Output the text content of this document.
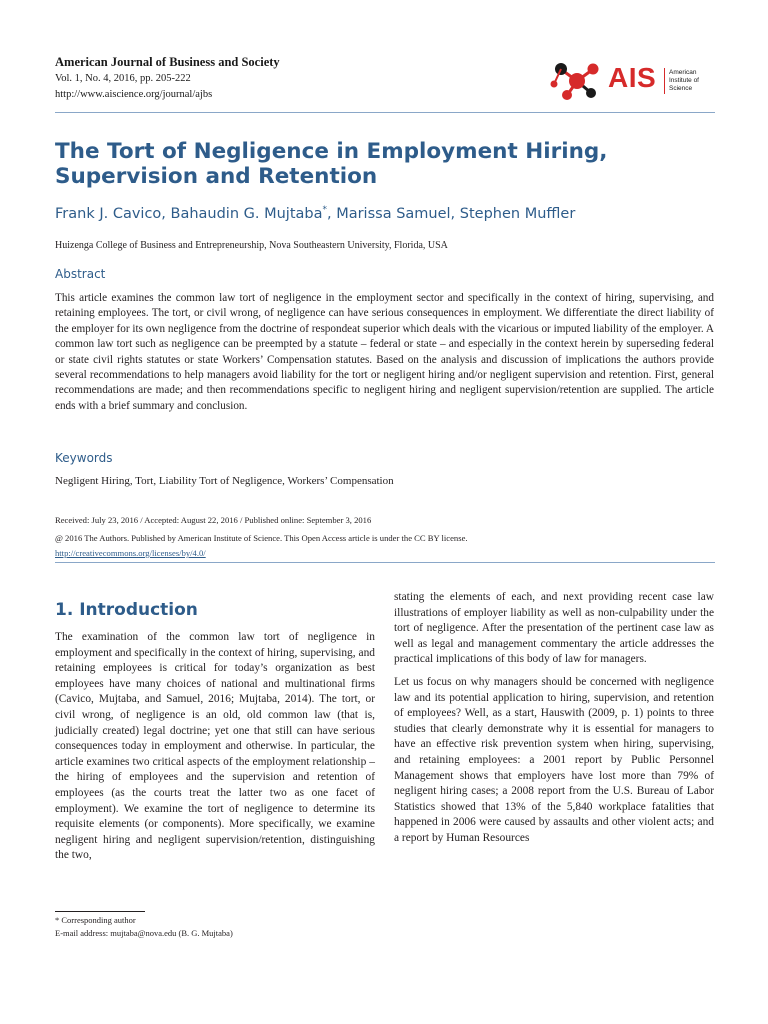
American Journal of Business and Society
Vol. 1, No. 4, 2016, pp. 205-222
http://www.aiscience.org/journal/ajbs
AIS American Institute of Science
The Tort of Negligence in Employment Hiring, Supervision and Retention
Frank J. Cavico, Bahaudin G. Mujtaba*, Marissa Samuel, Stephen Muffler
Huizenga College of Business and Entrepreneurship, Nova Southeastern University, Florida, USA
Abstract
This article examines the common law tort of negligence in the employment sector and specifically in the context of hiring, supervising, and retaining employees. The tort, or civil wrong, of negligence can have serious consequences in employment. We differentiate the direct liability of the employer for its own negligence from the doctrine of respondeat superior which deals with the vicarious or imputed liability of the employer. A common law tort such as negligence can be preempted by a statute – federal or state – and especially in the context herein by superseding federal or state civil rights statutes or state Workers’ Compensation statutes. Based on the analysis and discussion of implications the authors provide several recommendations to help managers avoid liability for the tort or negligent hiring and/or negligent supervision and retention. First, general recommendations are made; and then recommendations specific to negligent hiring and negligent supervision/retention are supplied. The article ends with a brief summary and conclusion.
Keywords
Negligent Hiring, Tort, Liability Tort of Negligence, Workers’ Compensation
Received: July 23, 2016 / Accepted: August 22, 2016 / Published online: September 3, 2016
@ 2016 The Authors. Published by American Institute of Science. This Open Access article is under the CC BY license.
http://creativecommons.org/licenses/by/4.0/
1. Introduction

The examination of the common law tort of negligence in employment and specifically in the context of hiring, supervising, and retaining employees is critical for today’s organization as best employees have many choices of national and multinational firms (Cavico, Mujtaba, and Samuel, 2016; Mujtaba, 2014). The tort, or civil wrong, of negligence is an old, old common law (that is, judicially created) legal doctrine; yet one that still can have serious consequences today in employment and otherwise. In particular, the article examines two critical aspects of the employment relationship – the hiring of employees and the supervision and retention of employees (as the courts treat the latter two as one facet of employment). We examine the tort of negligence to determine its requisite elements (or components). More specifically, we examine negligent hiring and negligent supervision/retention, distinguishing the two,

stating the elements of each, and next providing recent case law illustrations of employer liability as well as non-culpability under the tort of negligence. After the presentation of the pertinent case law as well as legal and management commentary the article addresses the practical implications of this body of law for managers.

Let us focus on why managers should be concerned with negligence law and its potential application to hiring, supervision, and retention of employees? Well, as a start, Hauswith (2009, p. 1) points to three studies that clearly demonstrate why it is essential for managers to have an effective risk prevention system when hiring, supervising, and retaining employees: a 2001 report by Public Personnel Management shows that employers have lost more than 79% of negligent hiring cases; a 2008 report from the U.S. Bureau of Labor Statistics showed that 13% of the 5,840 workplace fatalities that happened in 2006 were caused by assaults and other violent acts; and a report by Human Resources

* Corresponding author
E-mail address: mujtaba@nova.edu (B. G. Mujtaba)
